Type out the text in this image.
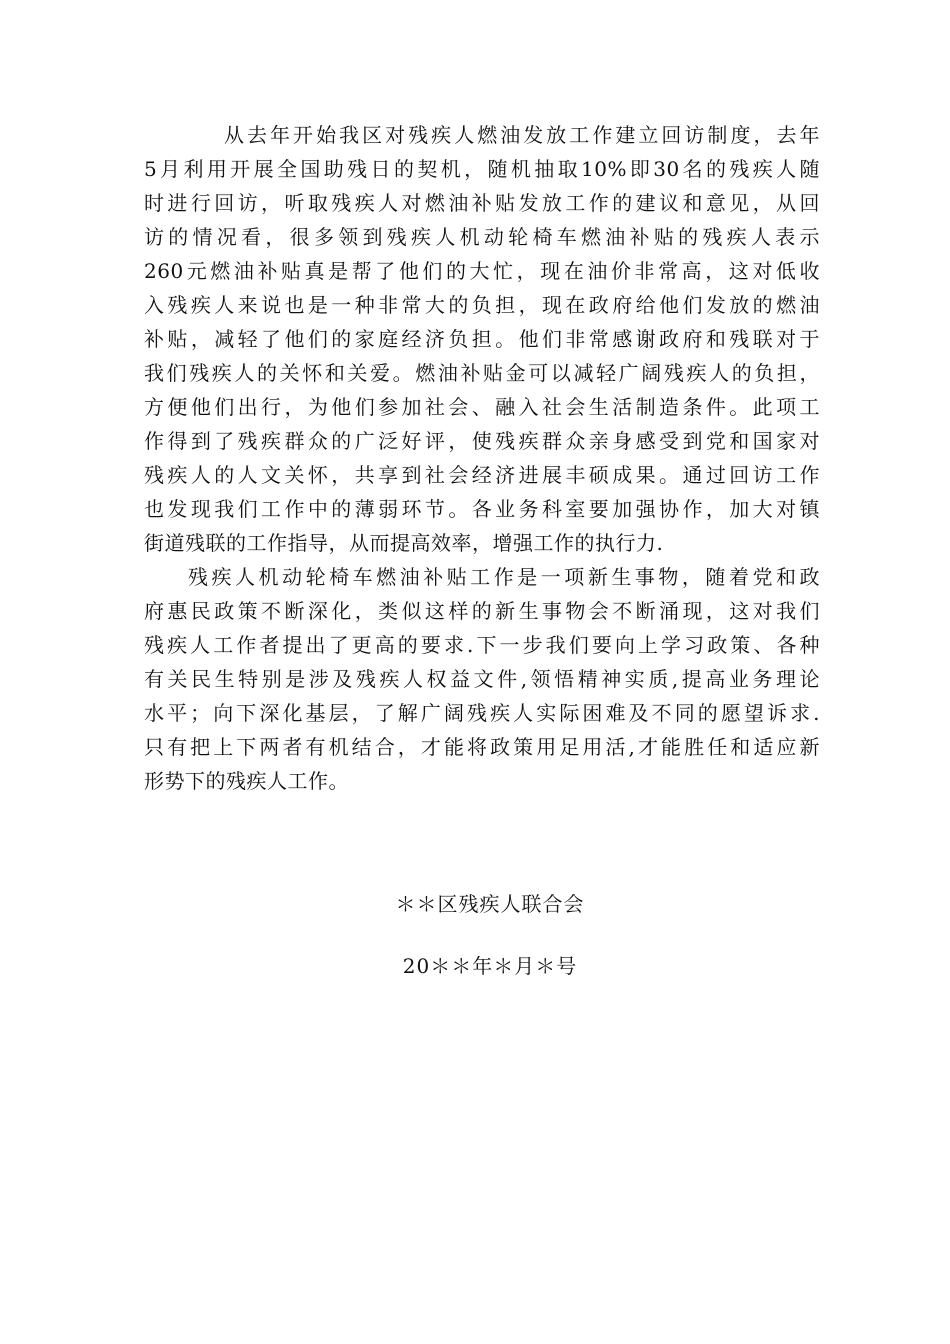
从去年开始我区对残疾人燃油发放工作建立回访制度，去年
5月利用开展全国助残日的契机，随机抽取10%即30名的残疾人随
时进行回访，听取残疾人对燃油补贴发放工作的建议和意见，从回
访的情况看，很多领到残疾人机动轮椅车燃油补贴的残疾人表示
260元燃油补贴真是帮了他们的大忙，现在油价非常高，这对低收
入残疾人来说也是一种非常大的负担，现在政府给他们发放的燃油
补贴，减轻了他们的家庭经济负担。他们非常感谢政府和残联对于
我们残疾人的关怀和关爱。燃油补贴金可以减轻广阔残疾人的负担，
方便他们出行，为他们参加社会、融入社会生活制造条件。此项工
作得到了残疾群众的广泛好评，使残疾群众亲身感受到党和国家对
残疾人的人文关怀，共享到社会经济进展丰硕成果。通过回访工作
也发现我们工作中的薄弱环节。各业务科室要加强协作，加大对镇
街道残联的工作指导，从而提高效率，增强工作的执行力.
残疾人机动轮椅车燃油补贴工作是一项新生事物，随着党和政
府惠民政策不断深化，类似这样的新生事物会不断涌现，这对我们
残疾人工作者提出了更高的要求.下一步我们要向上学习政策、各种
有关民生特别是涉及残疾人权益文件,领悟精神实质,提高业务理论
水平；向下深化基层，了解广阔残疾人实际困难及不同的愿望诉求.
只有把上下两者有机结合，才能将政策用足用活,才能胜任和适应新
形势下的残疾人工作。
＊＊区残疾人联合会
20＊＊年＊月＊号
